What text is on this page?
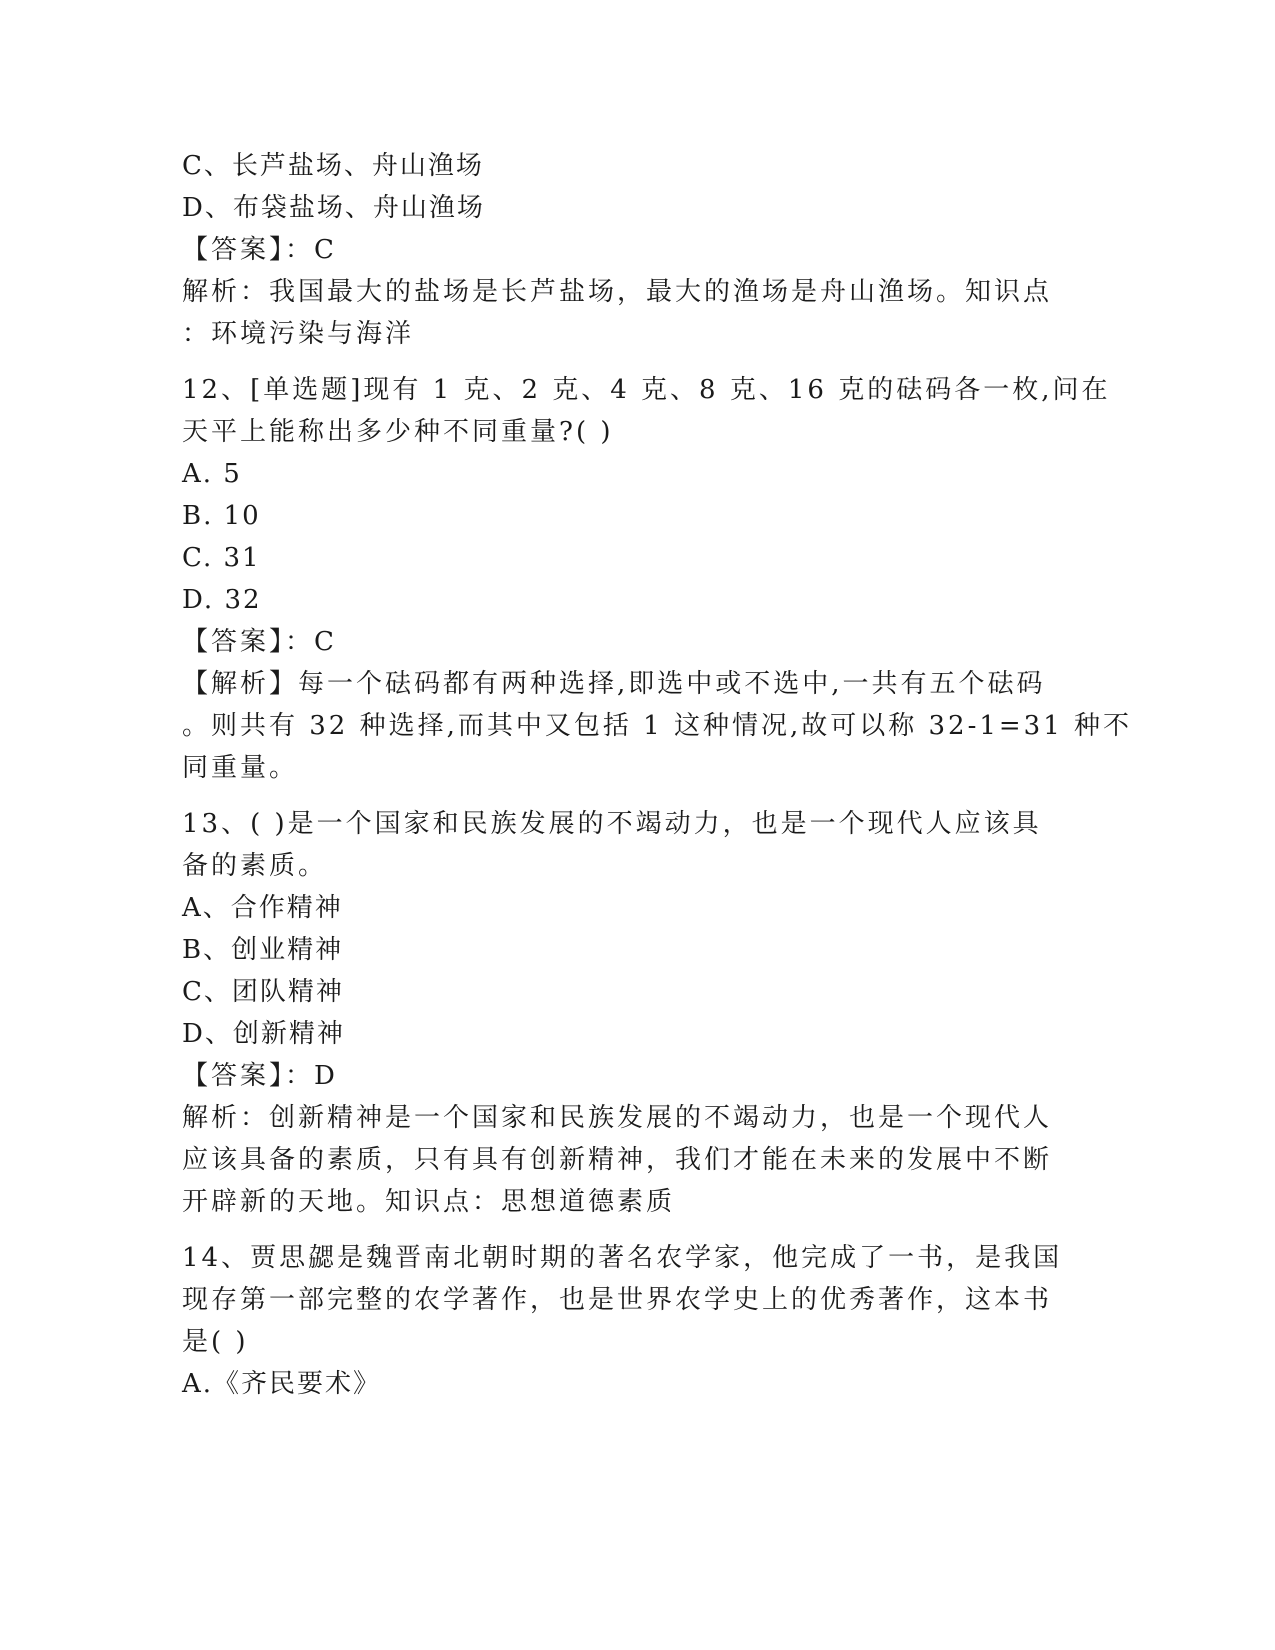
C、长芦盐场、舟山渔场
D、布袋盐场、舟山渔场
【答案】：C
解析：我国最大的盐场是长芦盐场，最大的渔场是舟山渔场。知识点
：环境污染与海洋
12、[单选题]现有 1 克、2 克、4 克、8 克、16 克的砝码各一枚,问在
天平上能称出多少种不同重量?( )
A. 5
B. 10
C. 31
D. 32
【答案】：C
【解析】每一个砝码都有两种选择,即选中或不选中,一共有五个砝码
。则共有 32 种选择,而其中又包括 1 这种情况,故可以称 32-1=31 种不
同重量。
13、( )是一个国家和民族发展的不竭动力，也是一个现代人应该具
备的素质。
A、合作精神
B、创业精神
C、团队精神
D、创新精神
【答案】：D
解析：创新精神是一个国家和民族发展的不竭动力，也是一个现代人
应该具备的素质，只有具有创新精神，我们才能在未来的发展中不断
开辟新的天地。知识点：思想道德素质
14、贾思勰是魏晋南北朝时期的著名农学家，他完成了一书，是我国
现存第一部完整的农学著作，也是世界农学史上的优秀著作，这本书
是( )
A.《齐民要术》
